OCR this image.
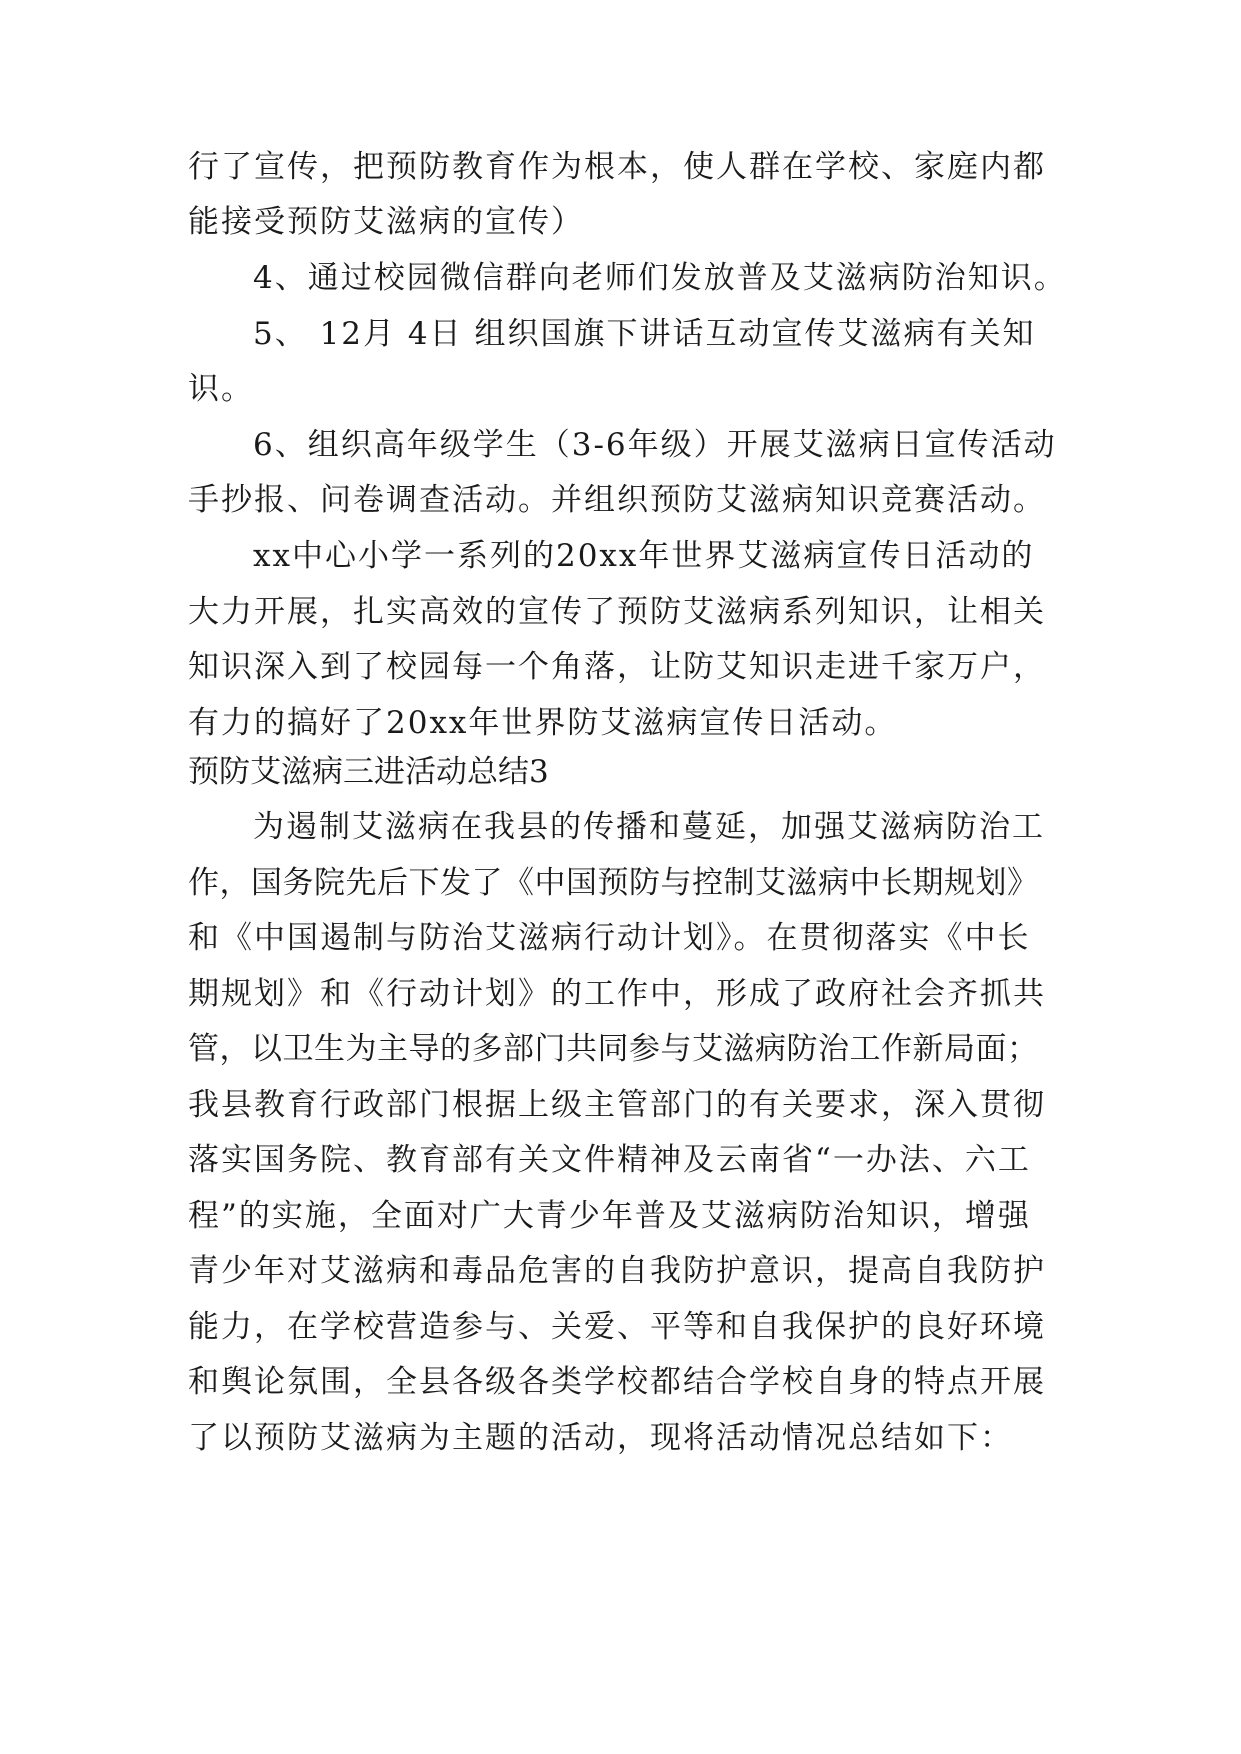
行了宣传，把预防教育作为根本，使人群在学校、家庭内都
能接受预防艾滋病的宣传）
4、通过校园微信群向老师们发放普及艾滋病防治知识。
5、 12月 4日 组织国旗下讲话互动宣传艾滋病有关知
识。
6、组织高年级学生（3-6年级）开展艾滋病日宣传活动
手抄报、问卷调查活动。并组织预防艾滋病知识竞赛活动。
xx中心小学一系列的20xx年世界艾滋病宣传日活动的
大力开展，扎实高效的宣传了预防艾滋病系列知识，让相关
知识深入到了校园每一个角落，让防艾知识走进千家万户，
有力的搞好了20xx年世界防艾滋病宣传日活动。
预防艾滋病三进活动总结3
为遏制艾滋病在我县的传播和蔓延，加强艾滋病防治工
作，国务院先后下发了《中国预防与控制艾滋病中长期规划》
和《中国遏制与防治艾滋病行动计划》。在贯彻落实《中长
期规划》和《行动计划》的工作中，形成了政府社会齐抓共
管，以卫生为主导的多部门共同参与艾滋病防治工作新局面；
我县教育行政部门根据上级主管部门的有关要求，深入贯彻
落实国务院、教育部有关文件精神及云南省“一办法、六工
程”的实施，全面对广大青少年普及艾滋病防治知识，增强
青少年对艾滋病和毒品危害的自我防护意识，提高自我防护
能力，在学校营造参与、关爱、平等和自我保护的良好环境
和舆论氛围，全县各级各类学校都结合学校自身的特点开展
了以预防艾滋病为主题的活动，现将活动情况总结如下：
